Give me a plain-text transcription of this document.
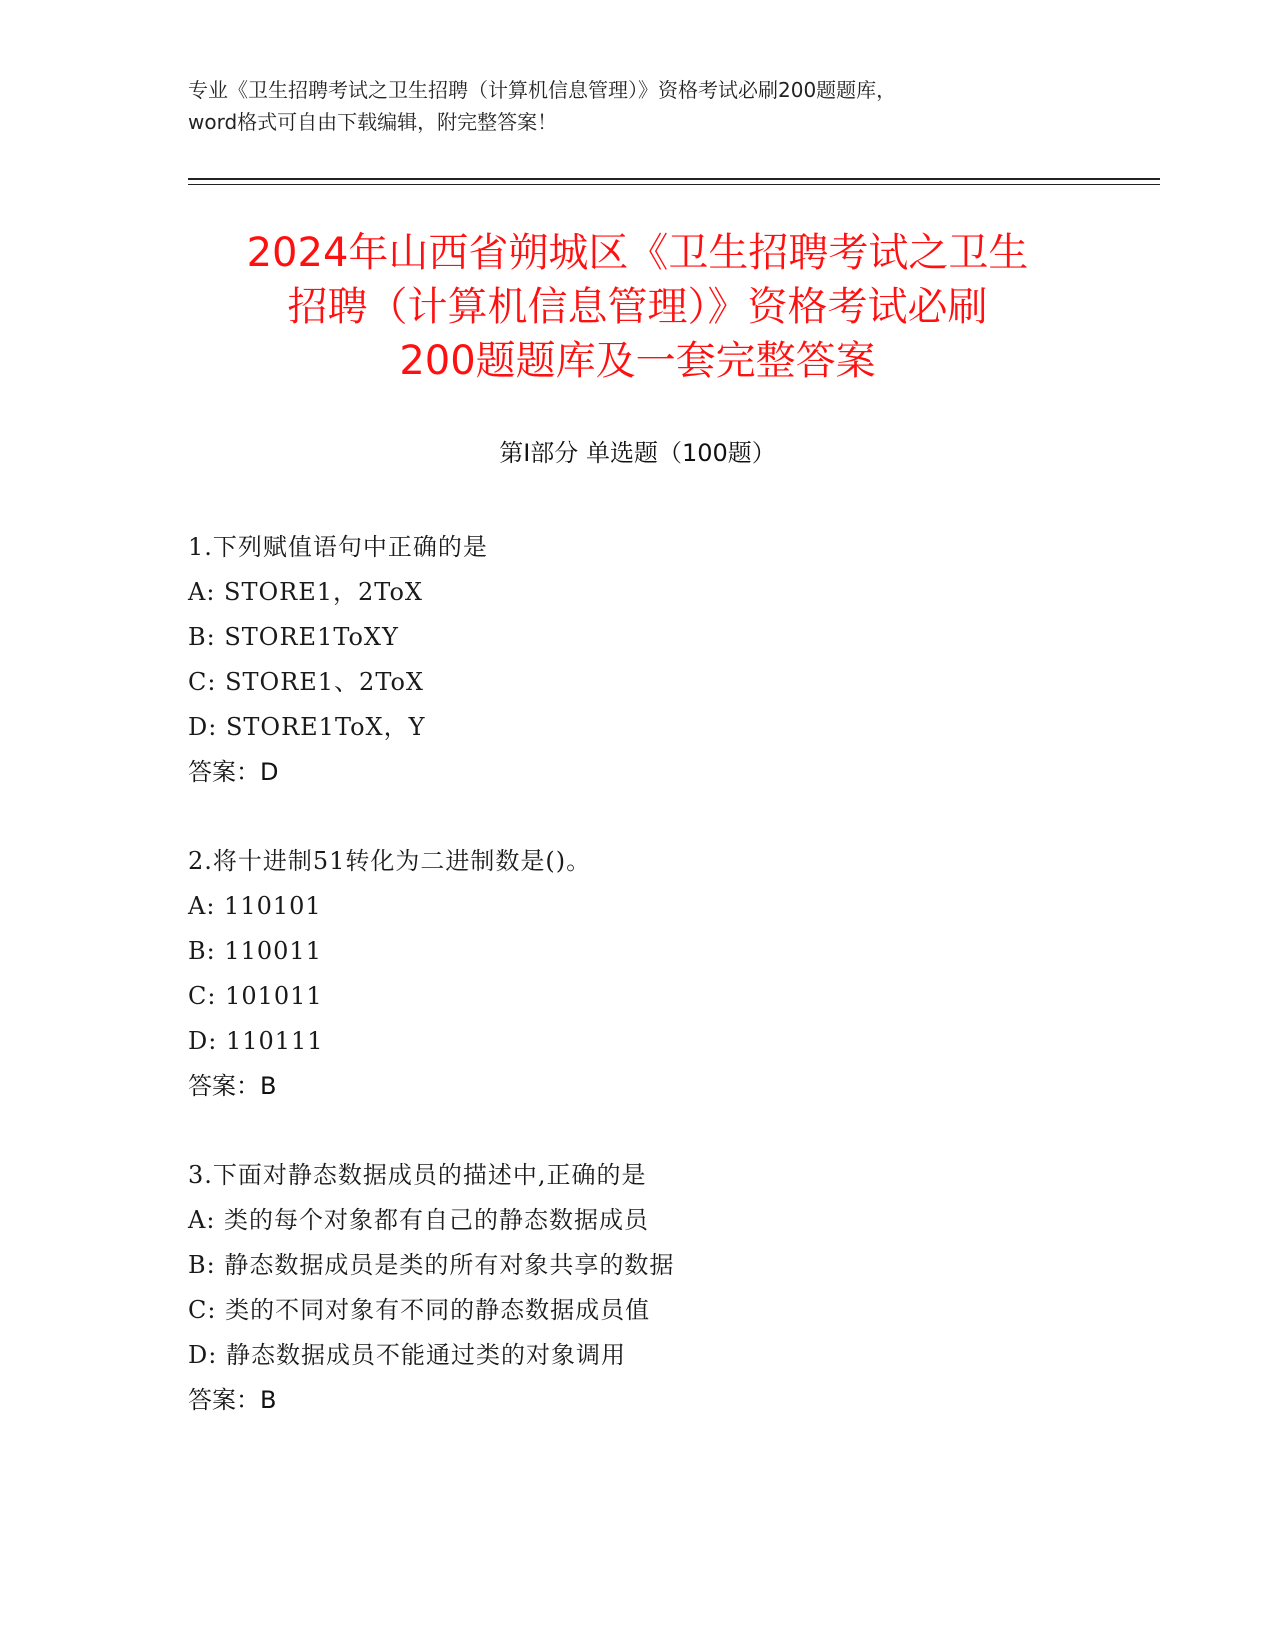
专业《卫生招聘考试之卫生招聘（计算机信息管理）》资格考试必刷200题题库，
word格式可自由下载编辑，附完整答案！
2024年山西省朔城区《卫生招聘考试之卫生
招聘（计算机信息管理）》资格考试必刷
200题题库及一套完整答案
第Ⅰ部分 单选题（100题）
1.下列赋值语句中正确的是
A: STORE1，2ToX
B: STORE1ToXY
C: STORE1、2ToX
D: STORE1ToX，Y
答案：D
2.将十进制51转化为二进制数是()。
A: 110101
B: 110011
C: 101011
D: 110111
答案：B
3.下面对静态数据成员的描述中,正确的是
A: 类的每个对象都有自己的静态数据成员
B: 静态数据成员是类的所有对象共享的数据
C: 类的不同对象有不同的静态数据成员值
D: 静态数据成员不能通过类的对象调用
答案：B
